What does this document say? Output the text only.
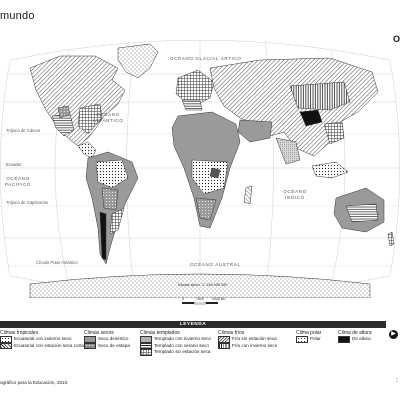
mundo
O
OCÉANO GLACIAL ÁRTICO
OCÉANO
ATLÁNTICO
OCÉANO
PACÍFICO
OCÉANO
ÍNDICO
OCÉANO AUSTRAL
Trópico de Cáncer
Ecuador
Trópico de Capricornio
Círculo Polar Antártico
Escala aprox. 1: 145 000 000
0	1500 3000 km
LEYENDA
Climas tropicales
Ecuatorial con invierno seco
Ecuatorial con estación seca corta
Climas secos
Seco desértico
Seco de estepa
Climas templados
Templado con invierno seco
Templado con verano seco
Templado sin estación seca
Climas fríos
Frío sin estación seca
Frío con invierno seco
Clima polar
Polar
Clima de altura
De altura
▶
ográfico para la Educación, 2010.
▪▪
▪▪
